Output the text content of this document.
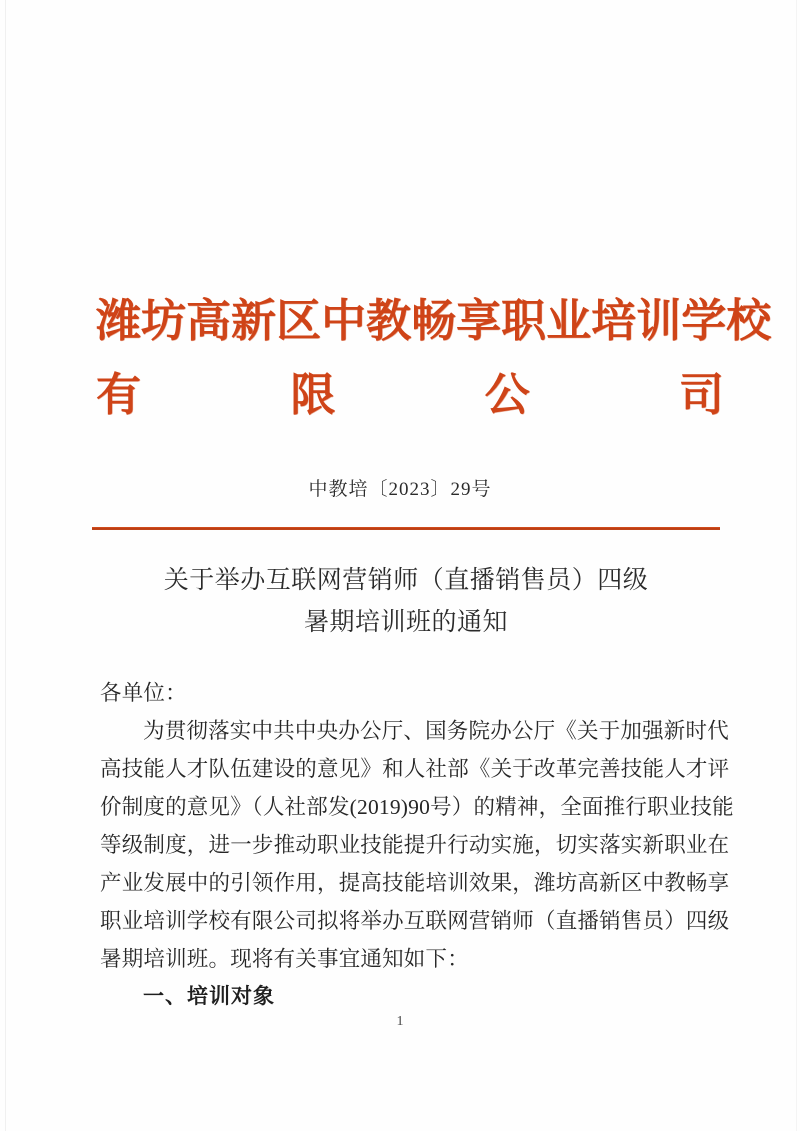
潍 坊 高 新 区 中 教 畅 享 职 业 培 训 学 校
有	限	公	司
中教培〔2023〕29号
关于举办互联网营销师（直播销售员）四级
暑期培训班的通知
各单位：
为贯彻落实中共中央办公厅、国务院办公厅《关于加强新时代
高技能人才队伍建设的意见》和人社部《关于改革完善技能人才评
价制度的意见》（人社部发(2019)90号）的精神，全面推行职业技能
等级制度，进一步推动职业技能提升行动实施，切实落实新职业在
产业发展中的引领作用，提高技能培训效果，潍坊高新区中教畅享
职业培训学校有限公司拟将举办互联网营销师（直播销售员）四级
暑期培训班。现将有关事宜通知如下：
一、培训对象
1
